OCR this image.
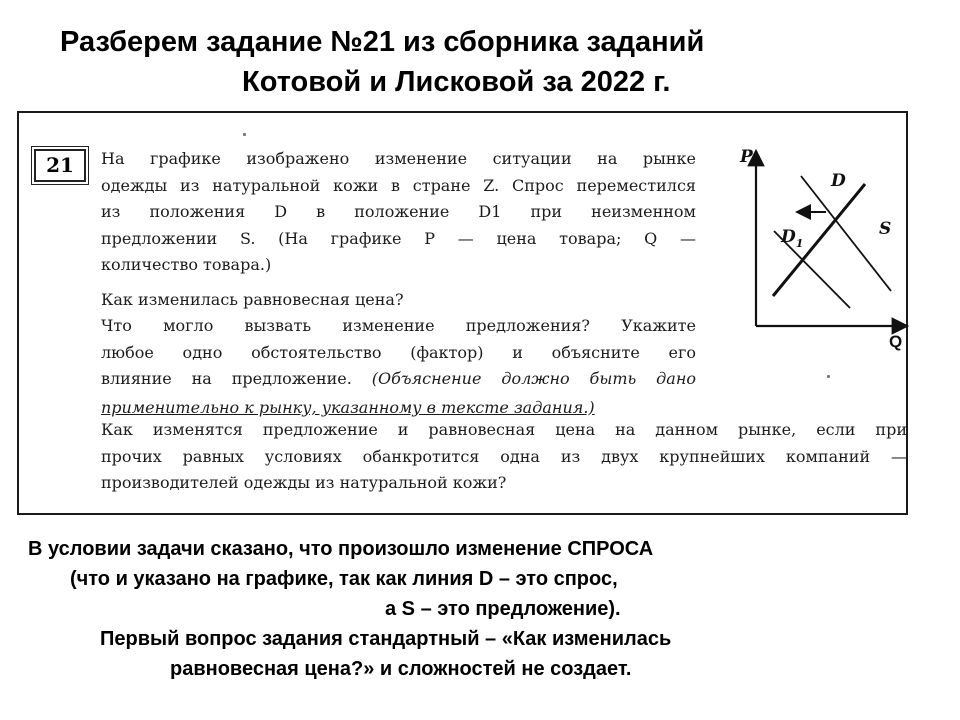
Разберем задание №21 из сборника заданий
Котовой и Лисковой за 2022 г.
21	На графике изображено изменение ситуации на рынке

одежды из натуральной кожи в стране Z. Спрос переместился

из положения D в положение D1 при неизменном

предложении S. (На графике P — цена товара; Q —

количество товара.)

Как изменилась равновесная цена?

Что могло вызвать изменение предложения? Укажите

любое одно обстоятельство (фактор) и объясните его

влияние на предложение. (Объяснение должно быть дано

применительно к рынку, указанному в тексте задания.)

Как изменятся предложение и равновесная цена на данном рынке, если при

прочих равных условиях обанкротится одна из двух крупнейших компаний —

производителей одежды из натуральной кожи?

P
Q
D
S
$D_1$
В условии задачи сказано, что произошло изменение СПРОСА
(что и указано на графике, так как линия D – это спрос,
а S – это предложение).
Первый вопрос задания стандартный – «Как изменилась
равновесная цена?» и сложностей не создает.
